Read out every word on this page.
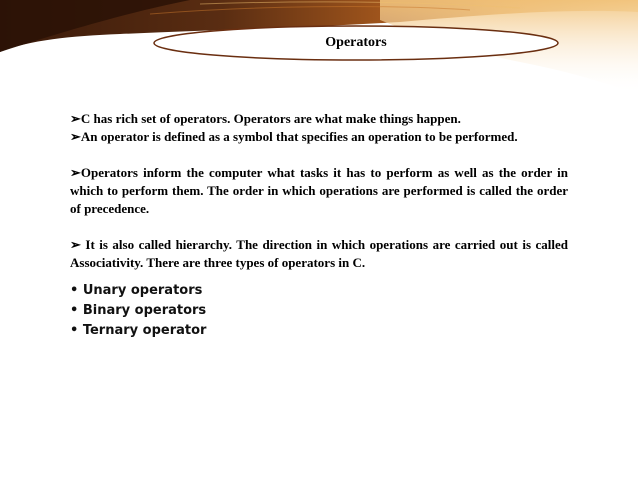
Operators

➢C has rich set of operators. Operators are what make things happen.

➢An operator is defined as a symbol that specifies an operation to be performed.

➢Operators inform the computer what tasks it has to perform as well as the order in which to perform them. The order in which operations are performed is called the order of precedence.

➢ It is also called hierarchy. The direction in which operations are carried out is called Associativity. There are three types of operators in C.

• Unary operators

• Binary operators

• Ternary operator
